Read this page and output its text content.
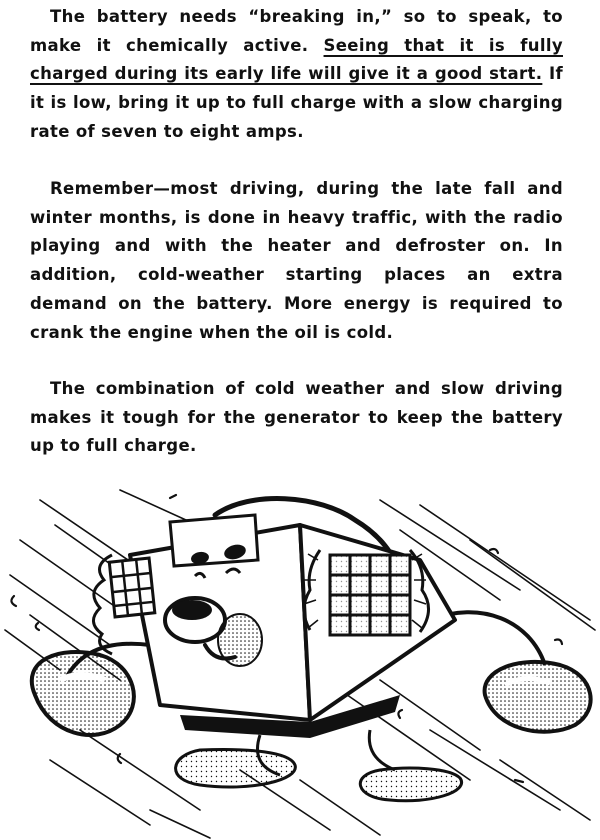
The battery needs “breaking in,” so to speak, to make it chemically active. Seeing that it is fully charged during its early life will give it a good start. If it is low, bring it up to full charge with a slow charging rate of seven to eight amps.

Remember—most driving, during the late fall and winter months, is done in heavy traffic, with the radio playing and with the heater and defroster on. In addition, cold-weather starting places an extra demand on the battery. More energy is required to crank the engine when the oil is cold.

The combination of cold weather and slow driving makes it tough for the generator to keep the battery up to full charge.
